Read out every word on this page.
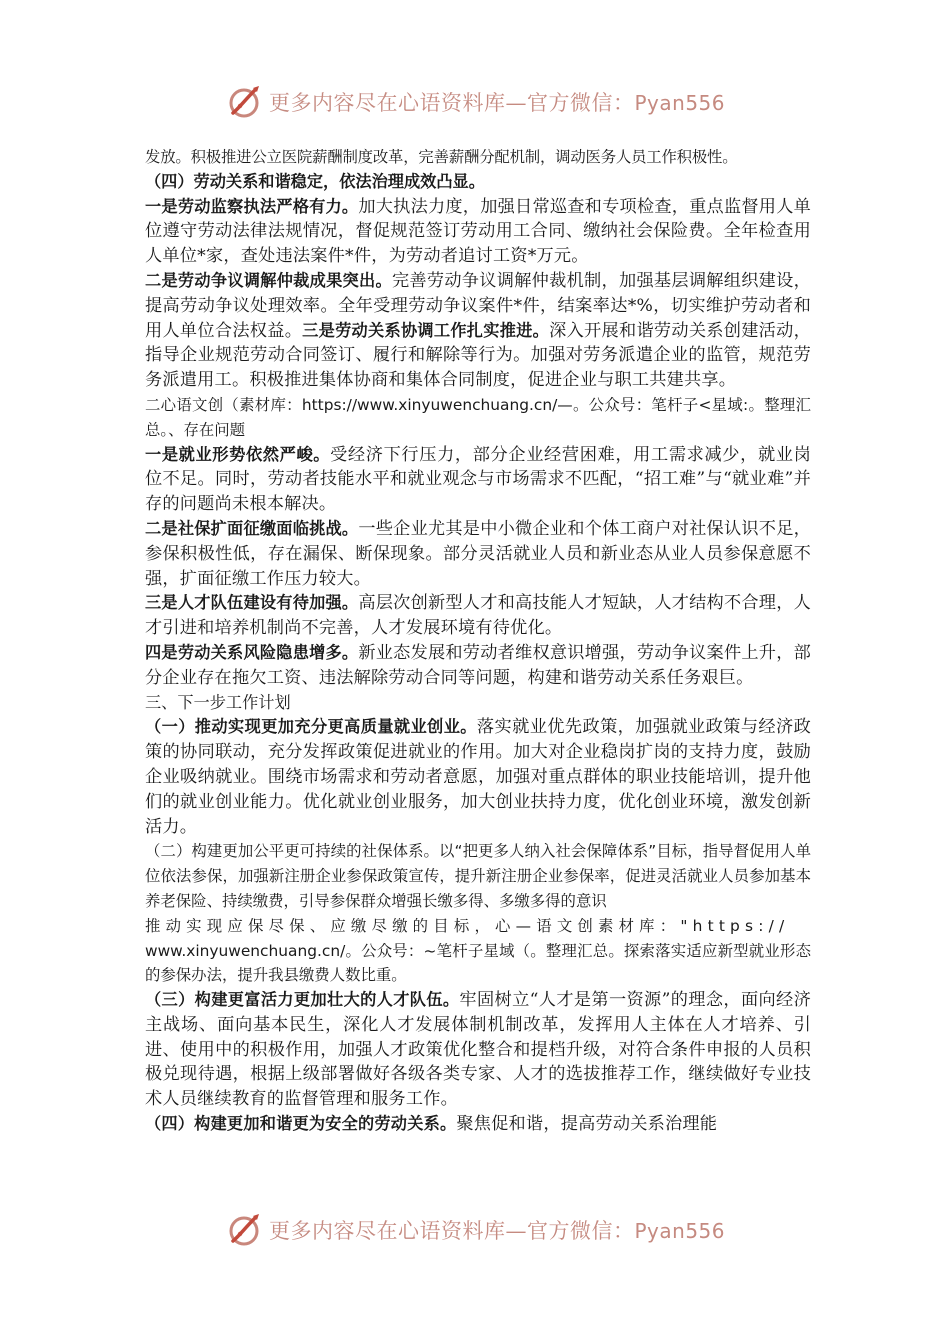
更多内容尽在心语资料库—官方微信：Pyan556

发放。积极推进公立医院薪酬制度改革，完善薪酬分配机制，调动医务人员工作积极性。

（四）劳动关系和谐稳定，依法治理成效凸显。

一是劳动监察执法严格有力。加大执法力度，加强日常巡查和专项检查，重点监督用人单位遵守劳动法律法规情况，督促规范签订劳动用工合同、缴纳社会保险费。全年检查用人单位*家，查处违法案件*件，为劳动者追讨工资*万元。

二是劳动争议调解仲裁成果突出。完善劳动争议调解仲裁机制，加强基层调解组织建设，提高劳动争议处理效率。全年受理劳动争议案件*件，结案率达*%，切实维护劳动者和用人单位合法权益。三是劳动关系协调工作扎实推进。深入开展和谐劳动关系创建活动，指导企业规范劳动合同签订、履行和解除等行为。加强对劳务派遣企业的监管，规范劳务派遣用工。积极推进集体协商和集体合同制度，促进企业与职工共建共享。

二心语文创（素材库：https://www.xinyuwenchuang.cn/—。公众号：笔杆子<星域:。整理汇总。、存在问题

一是就业形势依然严峻。受经济下行压力，部分企业经营困难，用工需求减少，就业岗位不足。同时，劳动者技能水平和就业观念与市场需求不匹配，“招工难”与“就业难”并存的问题尚未根本解决。

二是社保扩面征缴面临挑战。一些企业尤其是中小微企业和个体工商户对社保认识不足，参保积极性低，存在漏保、断保现象。部分灵活就业人员和新业态从业人员参保意愿不强，扩面征缴工作压力较大。

三是人才队伍建设有待加强。高层次创新型人才和高技能人才短缺，人才结构不合理，人才引进和培养机制尚不完善，人才发展环境有待优化。

四是劳动关系风险隐患增多。新业态发展和劳动者维权意识增强，劳动争议案件上升，部分企业存在拖欠工资、违法解除劳动合同等问题，构建和谐劳动关系任务艰巨。

三、下一步工作计划

（一）推动实现更加充分更高质量就业创业。落实就业优先政策，加强就业政策与经济政策的协同联动，充分发挥政策促进就业的作用。加大对企业稳岗扩岗的支持力度，鼓励企业吸纳就业。围绕市场需求和劳动者意愿，加强对重点群体的职业技能培训，提升他们的就业创业能力。优化就业创业服务，加大创业扶持力度，优化创业环境，激发创新活力。

（二）构建更加公平更可持续的社保体系。以“把更多人纳入社会保障体系”目标，指导督促用人单位依法参保，加强新注册企业参保政策宣传，提升新注册企业参保率，促进灵活就业人员参加基本养老保险、持续缴费，引导参保群众增强长缴多得、多缴多得的意识

推动实现应保尽保、应缴尽缴的目标，心—语文创素材库："https://

www.xinyuwenchuang.cn/。公众号：~笔杆子星域（。整理汇总。探索落实适应新型就业形态的参保办法，提升我县缴费人数比重。

（三）构建更富活力更加壮大的人才队伍。牢固树立“人才是第一资源”的理念，面向经济主战场、面向基本民生，深化人才发展体制机制改革，发挥用人主体在人才培养、引进、使用中的积极作用，加强人才政策优化整合和提档升级，对符合条件申报的人员积极兑现待遇，根据上级部署做好各级各类专家、人才的选拔推荐工作，继续做好专业技术人员继续教育的监督管理和服务工作。

（四）构建更加和谐更为安全的劳动关系。聚焦促和谐，提高劳动关系治理能

更多内容尽在心语资料库—官方微信：Pyan556
